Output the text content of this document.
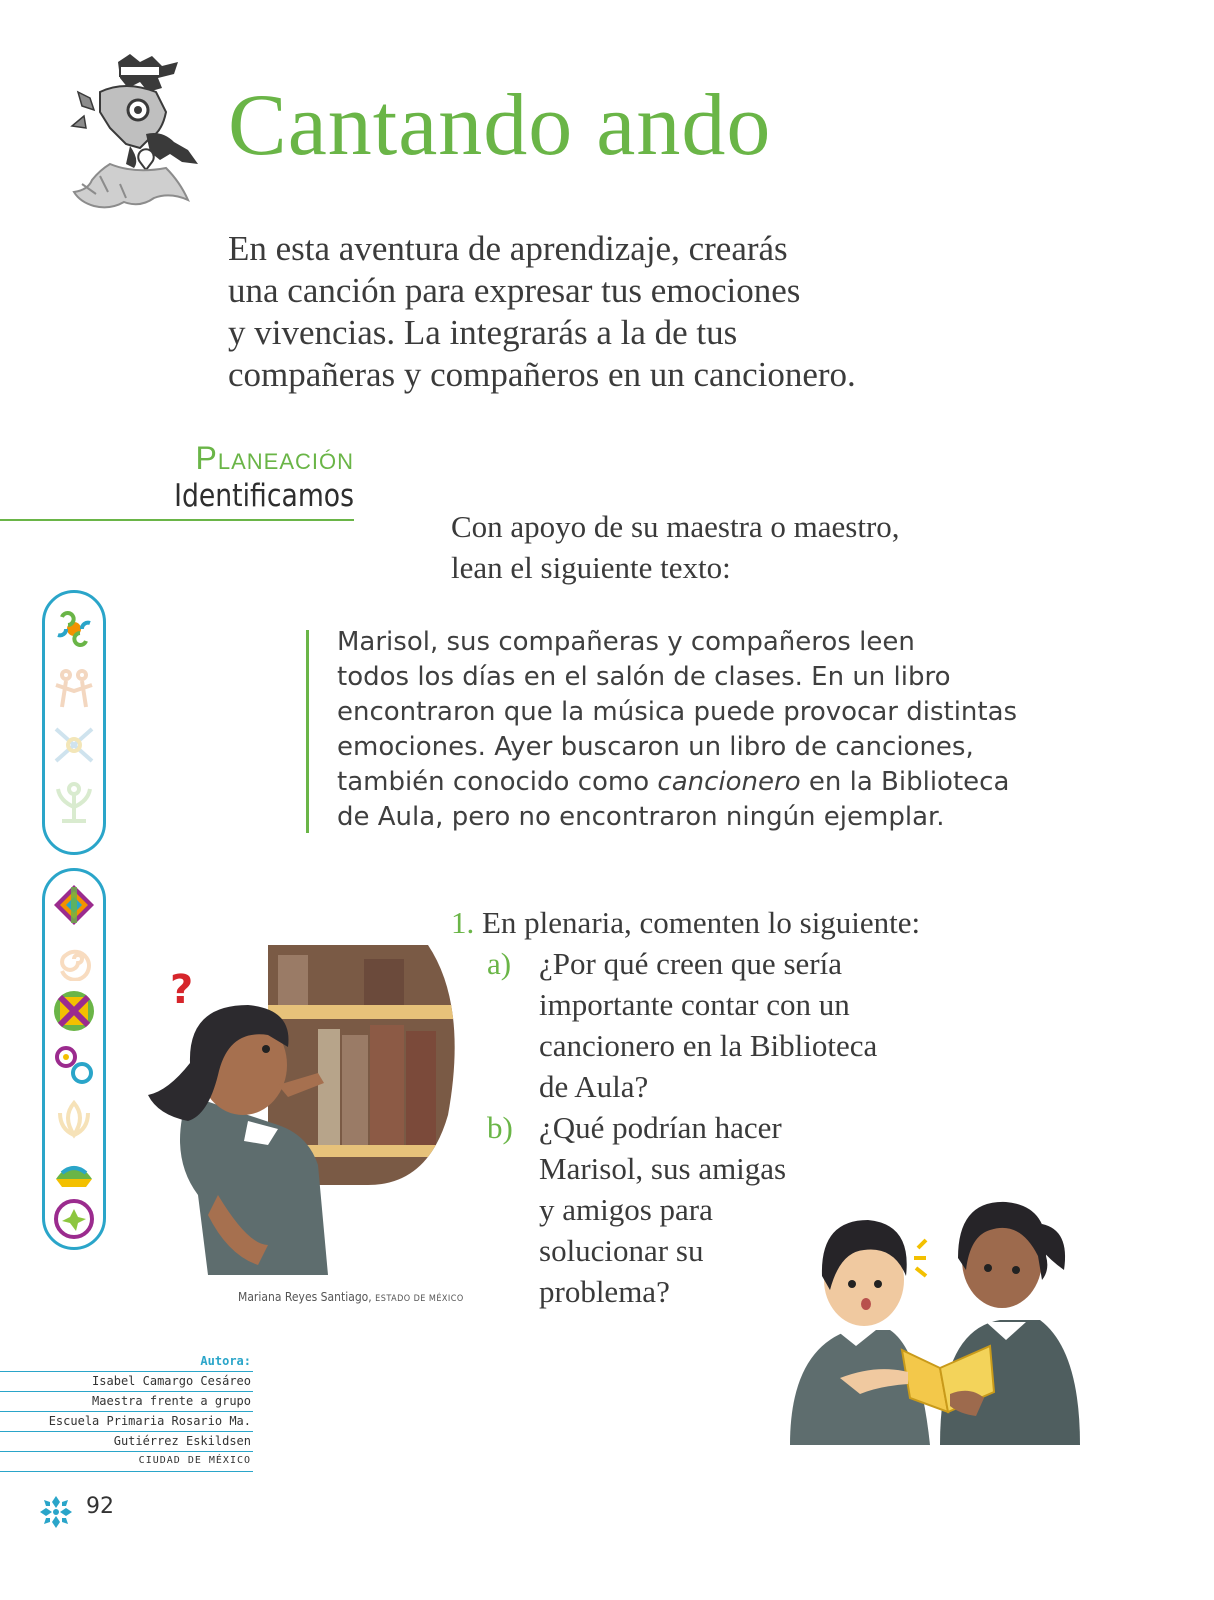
Cantando ando
En esta aventura de aprendizaje, crearás
una canción para expresar tus emociones
y vivencias. La integrarás a la de tus
compañeras y compañeros en un cancionero.
Planeación
Identificamos
Con apoyo de su maestra o maestro,
lean el siguiente texto:
Marisol, sus compañeras y compañeros leen
todos los días en el salón de clases. En un libro
encontraron que la música puede provocar distintas
emociones. Ayer buscaron un libro de canciones,
también conocido como cancionero en la Biblioteca
de Aula, pero no encontraron ningún ejemplar.
1. En plenaria, comenten lo siguiente:
a) ¿Por qué creen que sería
importante contar con un
cancionero en la Biblioteca
de Aula?
b) ¿Qué podrían hacer
Marisol, sus amigas
y amigos para
solucionar su
problema?
?
Mariana Reyes Santiago, ESTADO DE MÉXICO
Autora:
Isabel Camargo Cesáreo
Maestra frente a grupo
Escuela Primaria Rosario Ma.
Gutiérrez Eskildsen
CIUDAD DE MÉXICO
92
